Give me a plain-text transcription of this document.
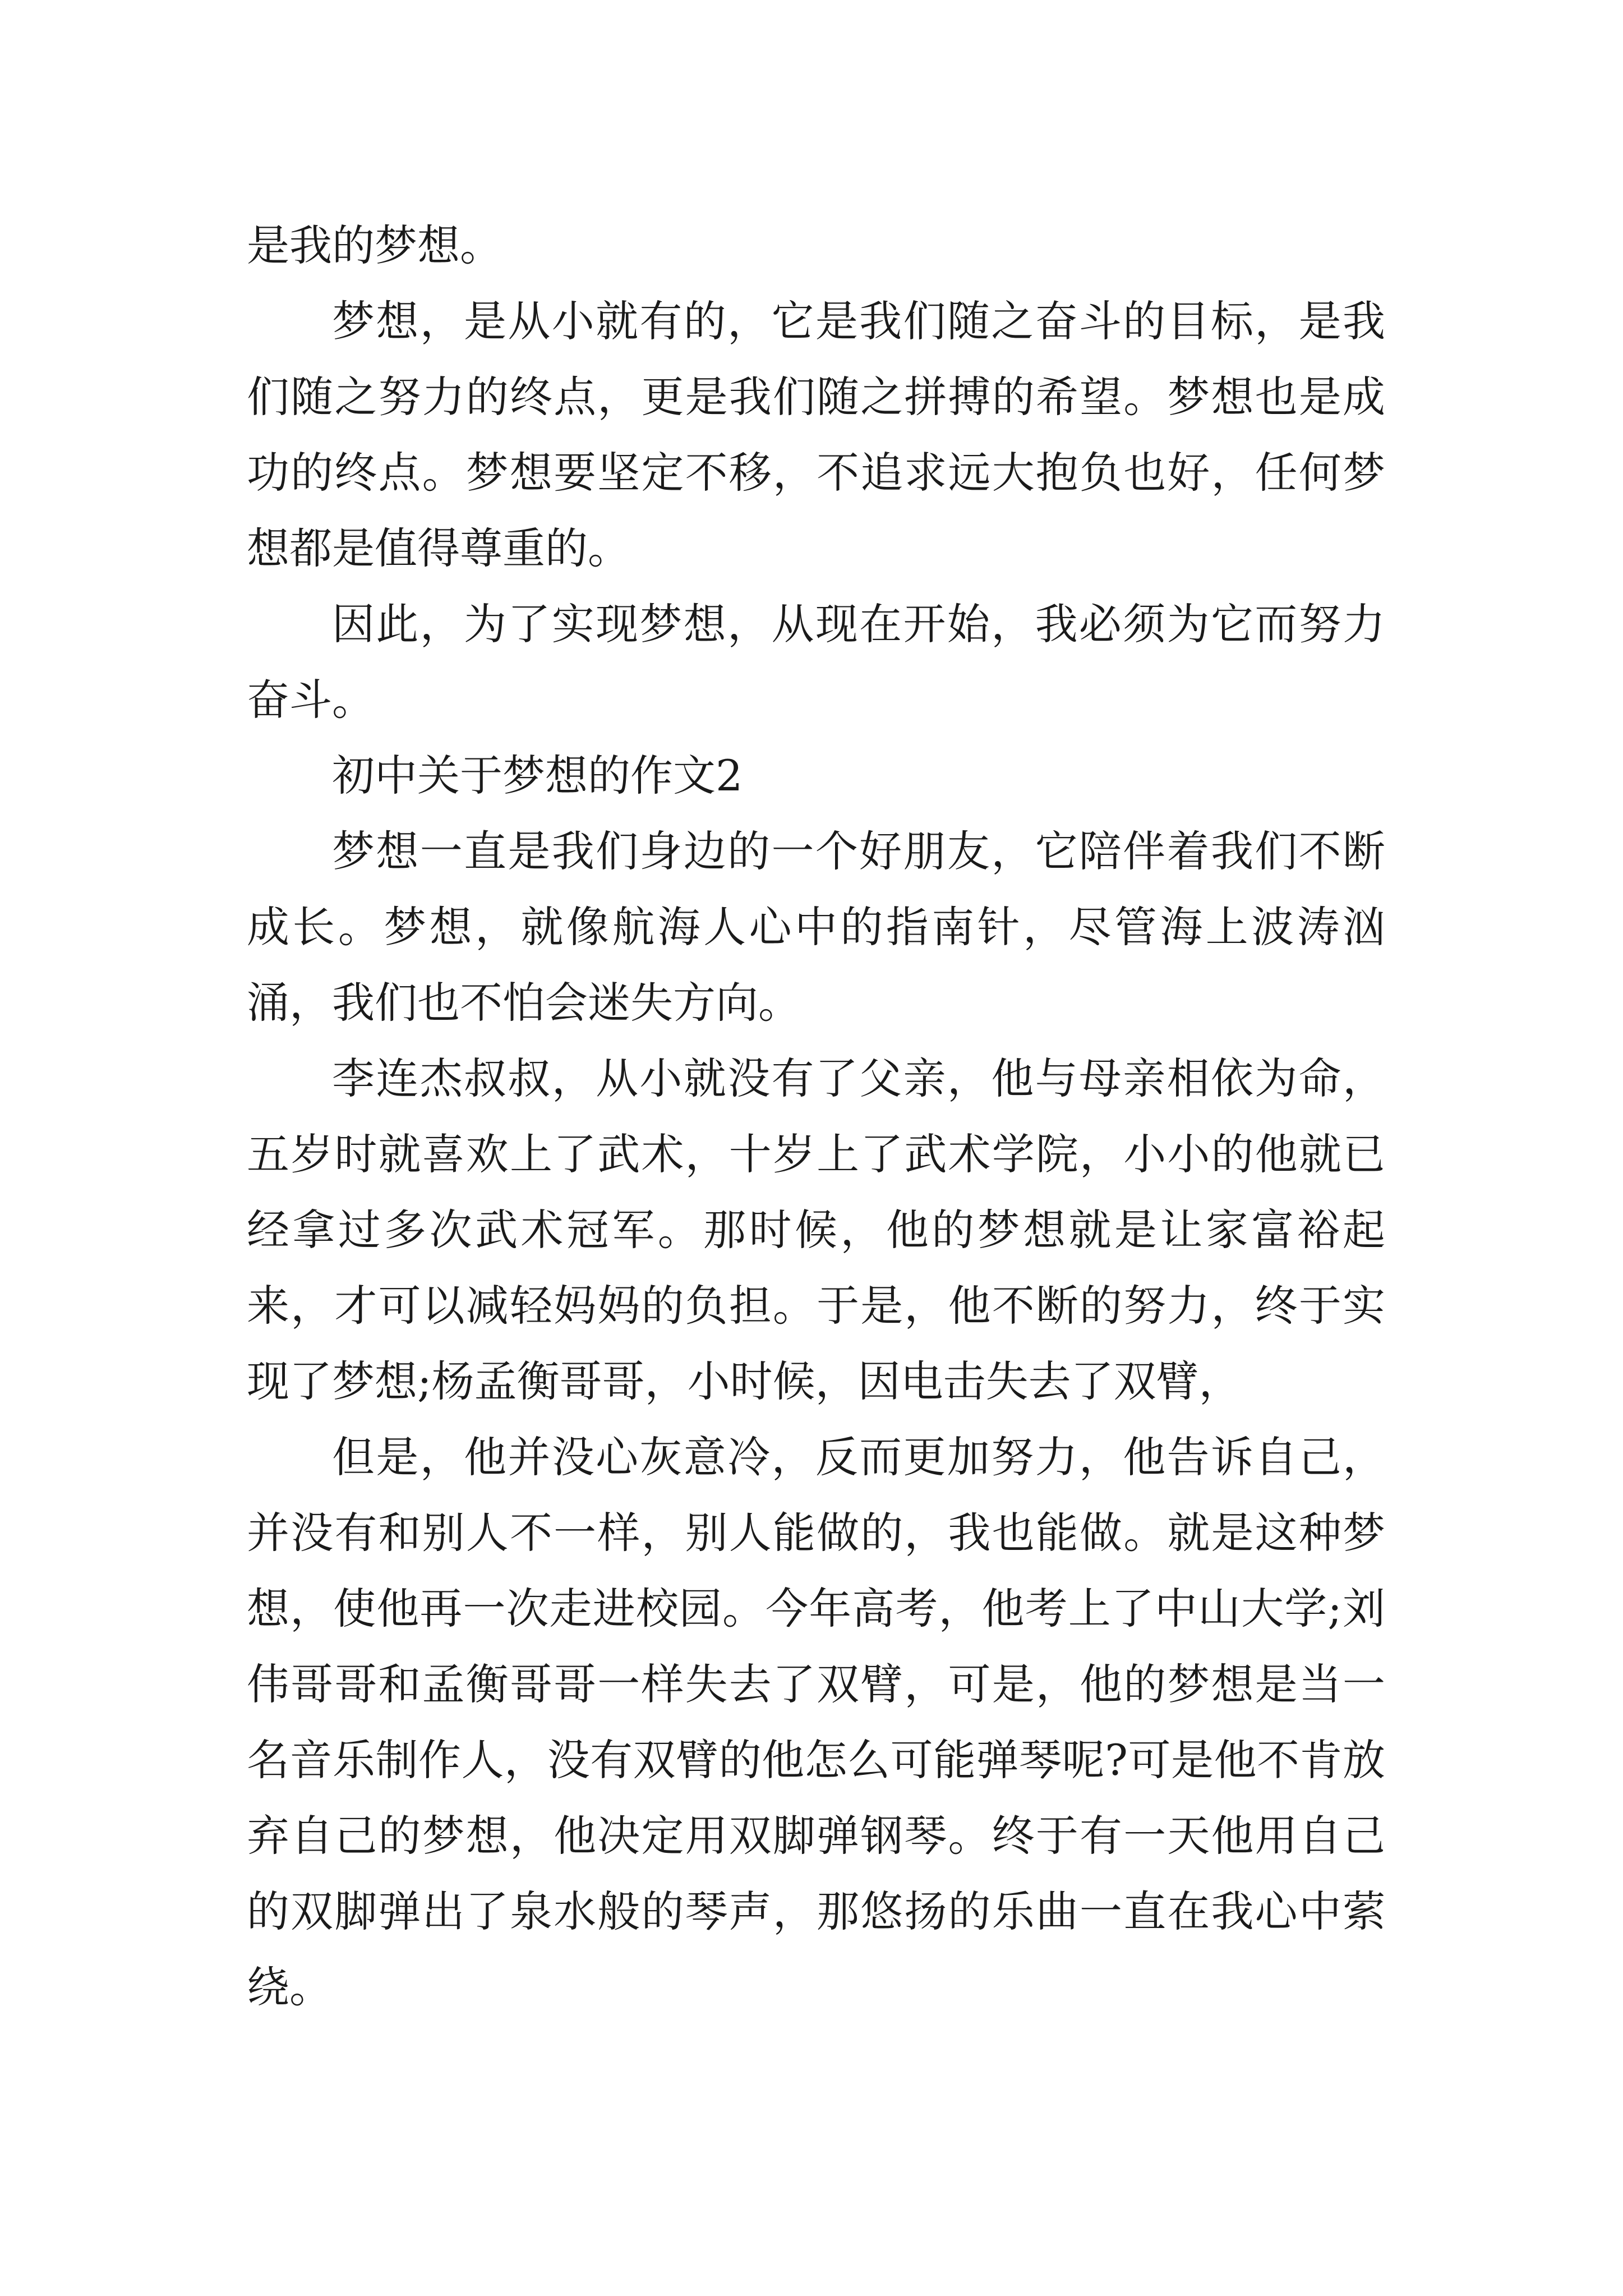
是我的梦想。

梦想，是从小就有的，它是我们随之奋斗的目标，是我们随之努力的终点，更是我们随之拼搏的希望。梦想也是成功的终点。梦想要坚定不移，不追求远大抱负也好，任何梦想都是值得尊重的。

因此，为了实现梦想，从现在开始，我必须为它而努力奋斗。

初中关于梦想的作文2

梦想一直是我们身边的一个好朋友，它陪伴着我们不断成长。梦想，就像航海人心中的指南针，尽管海上波涛汹涌，我们也不怕会迷失方向。

李连杰叔叔，从小就没有了父亲，他与母亲相依为命，五岁时就喜欢上了武术，十岁上了武术学院，小小的他就已经拿过多次武术冠军。那时候，他的梦想就是让家富裕起来，才可以减轻妈妈的负担。于是，他不断的努力，终于实现了梦想;杨孟衡哥哥，小时候，因电击失去了双臂，

但是，他并没心灰意冷，反而更加努力，他告诉自己，并没有和别人不一样，别人能做的，我也能做。就是这种梦想，使他再一次走进校园。今年高考，他考上了中山大学;刘伟哥哥和孟衡哥哥一样失去了双臂，可是，他的梦想是当一名音乐制作人，没有双臂的他怎么可能弹琴呢?可是他不肯放弃自己的梦想，他决定用双脚弹钢琴。终于有一天他用自己的双脚弹出了泉水般的琴声，那悠扬的乐曲一直在我心中萦绕。
